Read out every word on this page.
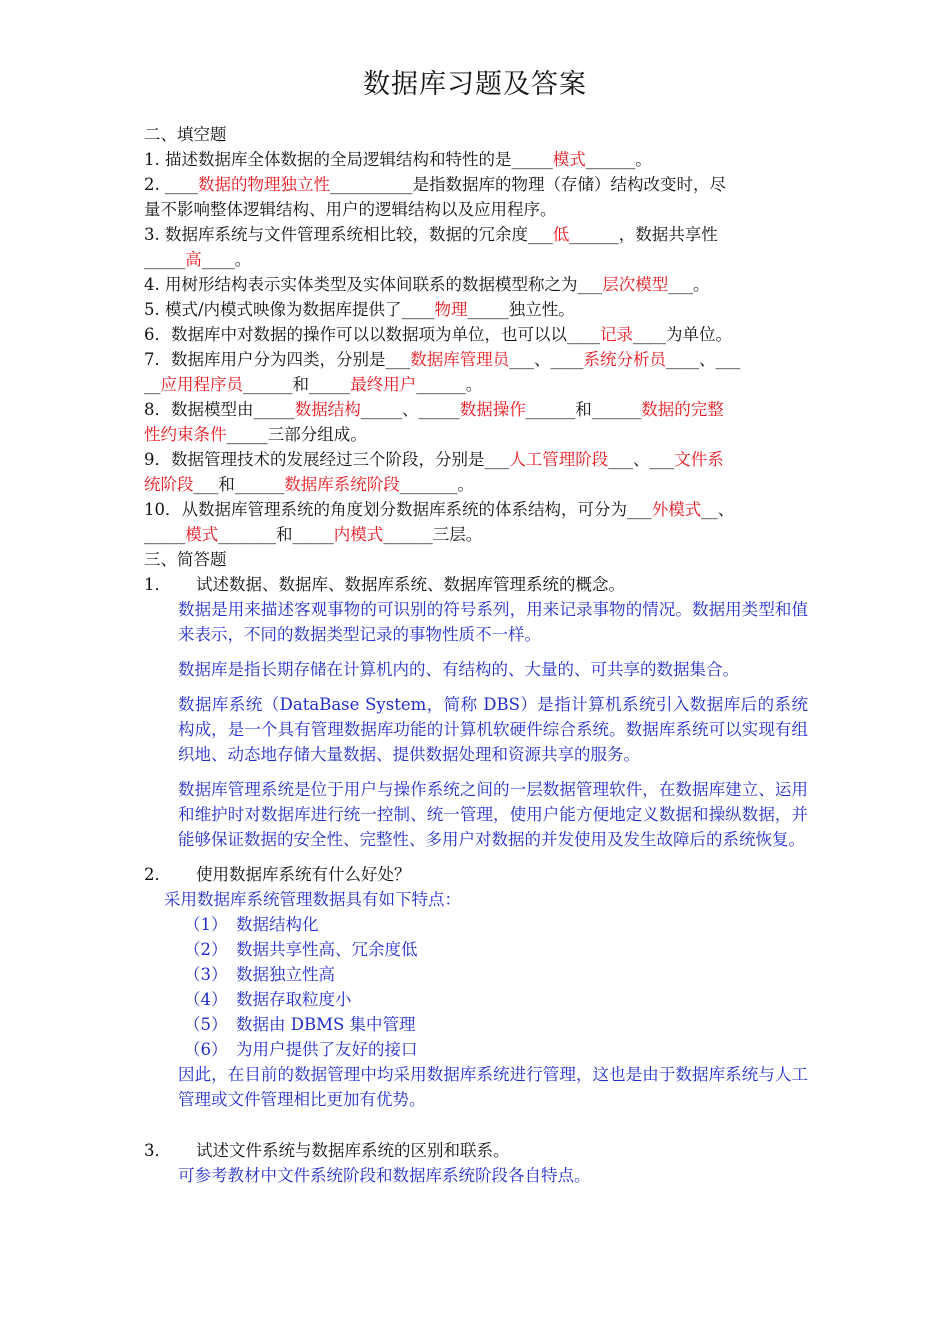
数据库习题及答案
二、填空题
1. 描述数据库全体数据的全局逻辑结构和特性的是_____模式______。
2. ____数据的物理独立性__________是指数据库的物理（存储）结构改变时，尽
量不影响整体逻辑结构、用户的逻辑结构以及应用程序。
3. 数据库系统与文件管理系统相比较，数据的冗余度___低______，数据共享性
_____高____。
4. 用树形结构表示实体类型及实体间联系的数据模型称之为___层次模型___。
5. 模式/内模式映像为数据库提供了____物理_____独立性。
6．数据库中对数据的操作可以以数据项为单位，也可以以____记录____为单位。
7．数据库用户分为四类，分别是___数据库管理员___、____系统分析员____、___
__应用程序员______和_____最终用户______。
8．数据模型由_____数据结构_____、_____数据操作______和______数据的完整
性约束条件_____三部分组成。
9．数据管理技术的发展经过三个阶段，分别是___人工管理阶段___、___文件系
统阶段___和______数据库系统阶段_______。
10．从数据库管理系统的角度划分数据库系统的体系结构，可分为___外模式__、
_____模式_______和_____内模式______三层。
三、简答题
1． 试述数据、数据库、数据库系统、数据库管理系统的概念。
数据是用来描述客观事物的可识别的符号系列，用来记录事物的情况。数据用类型和值来表示，不同的数据类型记录的事物性质不一样。
数据库是指长期存储在计算机内的、有结构的、大量的、可共享的数据集合。
数据库系统（DataBase System，简称 DBS）是指计算机系统引入数据库后的系统构成，是一个具有管理数据库功能的计算机软硬件综合系统。数据库系统可以实现有组织地、动态地存储大量数据、提供数据处理和资源共享的服务。
数据库管理系统是位于用户与操作系统之间的一层数据管理软件，在数据库建立、运用和维护时对数据库进行统一控制、统一管理，使用户能方便地定义数据和操纵数据，并能够保证数据的安全性、完整性、多用户对数据的并发使用及发生故障后的系统恢复。
2． 使用数据库系统有什么好处？
采用数据库系统管理数据具有如下特点：
（1） 数据结构化
（2） 数据共享性高、冗余度低
（3） 数据独立性高
（4） 数据存取粒度小
（5） 数据由 DBMS 集中管理
（6） 为用户提供了友好的接口
因此，在目前的数据管理中均采用数据库系统进行管理，这也是由于数据库系统与人工管理或文件管理相比更加有优势。
3． 试述文件系统与数据库系统的区别和联系。
可参考教材中文件系统阶段和数据库系统阶段各自特点。
